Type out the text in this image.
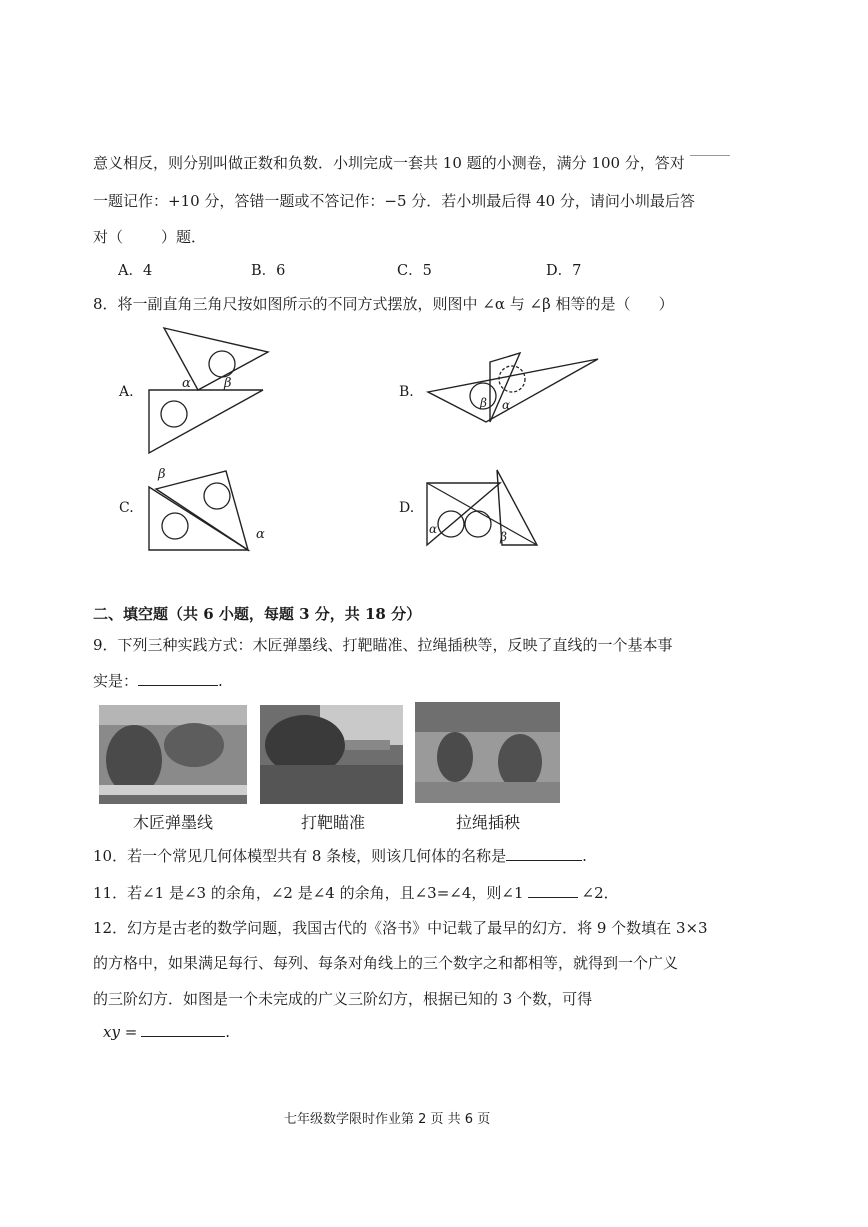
意义相反，则分别叫做正数和负数．小圳完成一套共 10 题的小测卷，满分 100 分，答对
一题记作：+10 分，答错一题或不答记作：−5 分．若小圳最后得 40 分，请问小圳最后答
对（	）题．
A．4	B．6	C．5	D．7
8．将一副直角三角尺按如图所示的不同方式摆放，则图中 ∠α 与 ∠β 相等的是（ ）
A.
α	β
B.
β α
C.
β
α
D.
α
β
二、填空题（共 6 小题，每题 3 分，共 18 分）
9．下列三种实践方式：木匠弹墨线、打靶瞄准、拉绳插秧等，反映了直线的一个基本事
实是：	.
木匠弹墨线	打靶瞄准	拉绳插秧
10．若一个常见几何体模型共有 8 条棱，则该几何体的名称是	.
11．若∠1 是∠3 的余角，∠2 是∠4 的余角，且∠3=∠4，则∠1	∠2．
12．幻方是古老的数学问题，我国古代的《洛书》中记载了最早的幻方．将 9 个数填在 3×3
的方格中，如果满足每行、每列、每条对角线上的三个数字之和都相等，就得到一个广义
的三阶幻方．如图是一个未完成的广义三阶幻方，根据已知的 3 个数，可得
xy =	.
七年级数学限时作业第 2 页 共 6 页
